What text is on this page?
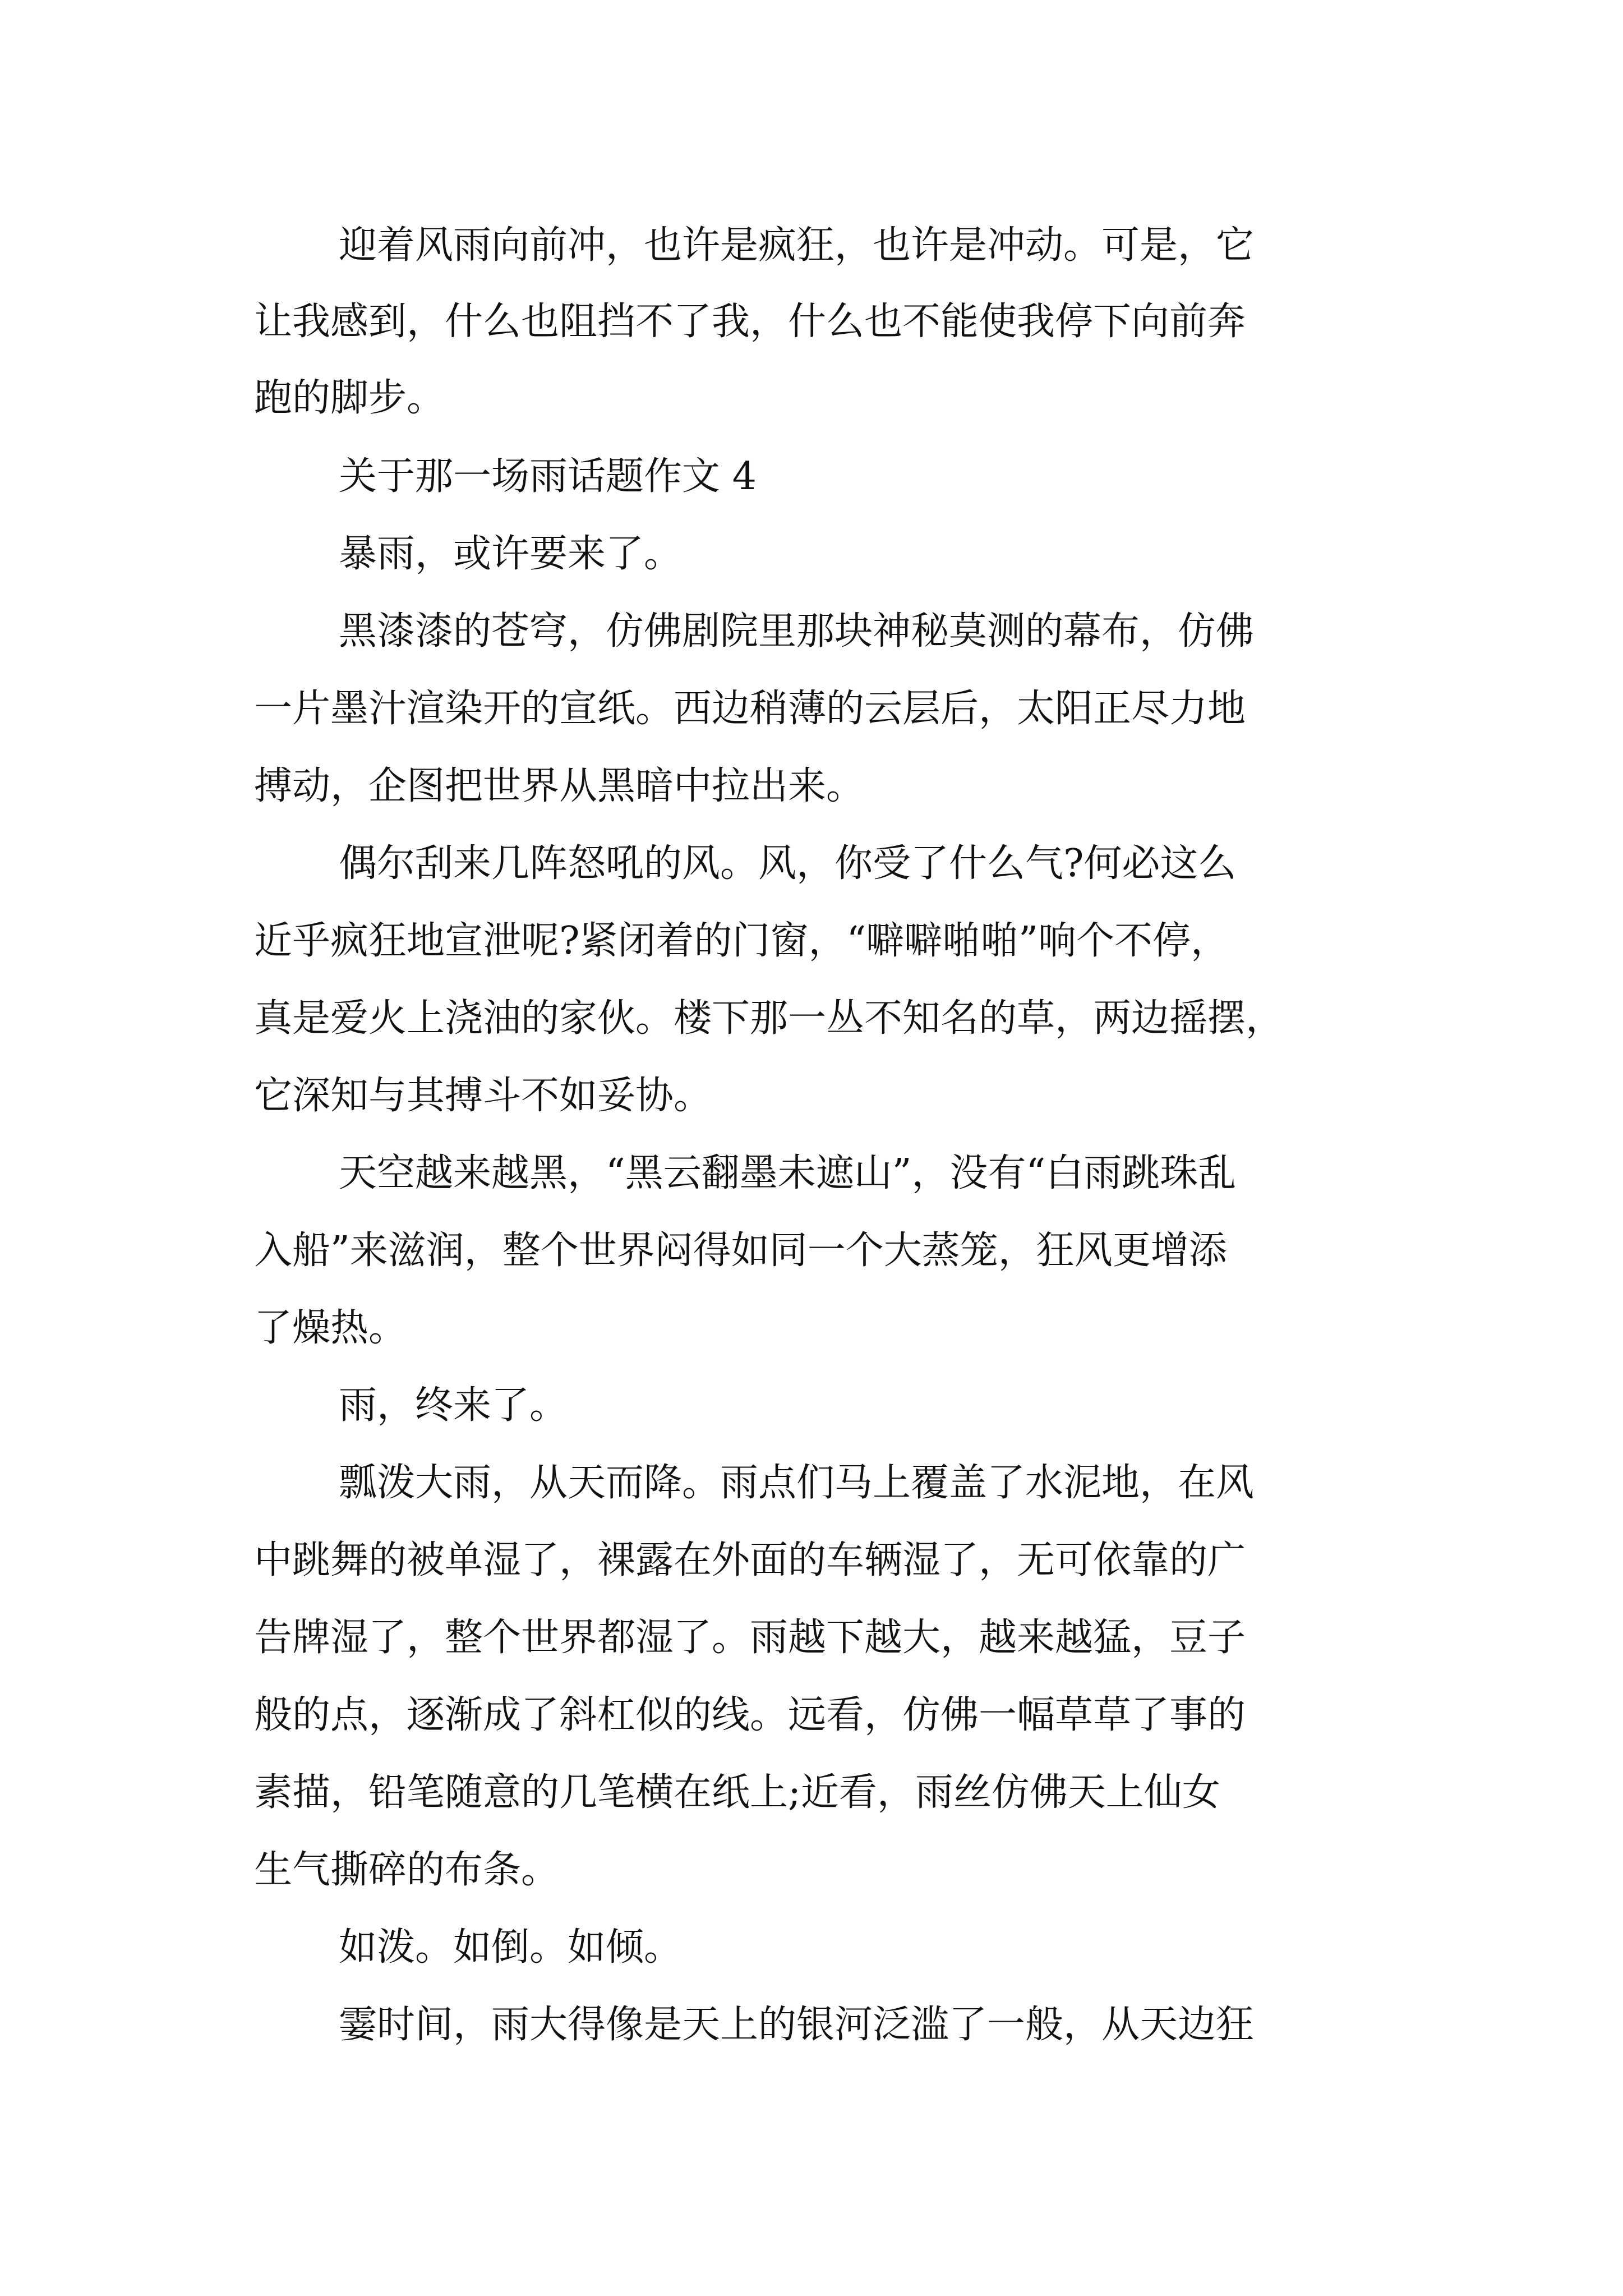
迎着风雨向前冲，也许是疯狂，也许是冲动。可是，它
让我感到，什么也阻挡不了我，什么也不能使我停下向前奔
跑的脚步。
关于那一场雨话题作文 4
暴雨，或许要来了。
黑漆漆的苍穹，仿佛剧院里那块神秘莫测的幕布，仿佛
一片墨汁渲染开的宣纸。西边稍薄的云层后，太阳正尽力地
搏动，企图把世界从黑暗中拉出来。
偶尔刮来几阵怒吼的风。风，你受了什么气?何必这么
近乎疯狂地宣泄呢?紧闭着的门窗，“噼噼啪啪”响个不停，
真是爱火上浇油的家伙。楼下那一丛不知名的草，两边摇摆，
它深知与其搏斗不如妥协。
天空越来越黑，“黑云翻墨未遮山”，没有“白雨跳珠乱
入船”来滋润，整个世界闷得如同一个大蒸笼，狂风更增添
了燥热。
雨，终来了。
瓢泼大雨，从天而降。雨点们马上覆盖了水泥地，在风
中跳舞的被单湿了，裸露在外面的车辆湿了，无可依靠的广
告牌湿了，整个世界都湿了。雨越下越大，越来越猛，豆子
般的点，逐渐成了斜杠似的线。远看，仿佛一幅草草了事的
素描，铅笔随意的几笔横在纸上;近看，雨丝仿佛天上仙女
生气撕碎的布条。
如泼。如倒。如倾。
霎时间，雨大得像是天上的银河泛滥了一般，从天边狂
